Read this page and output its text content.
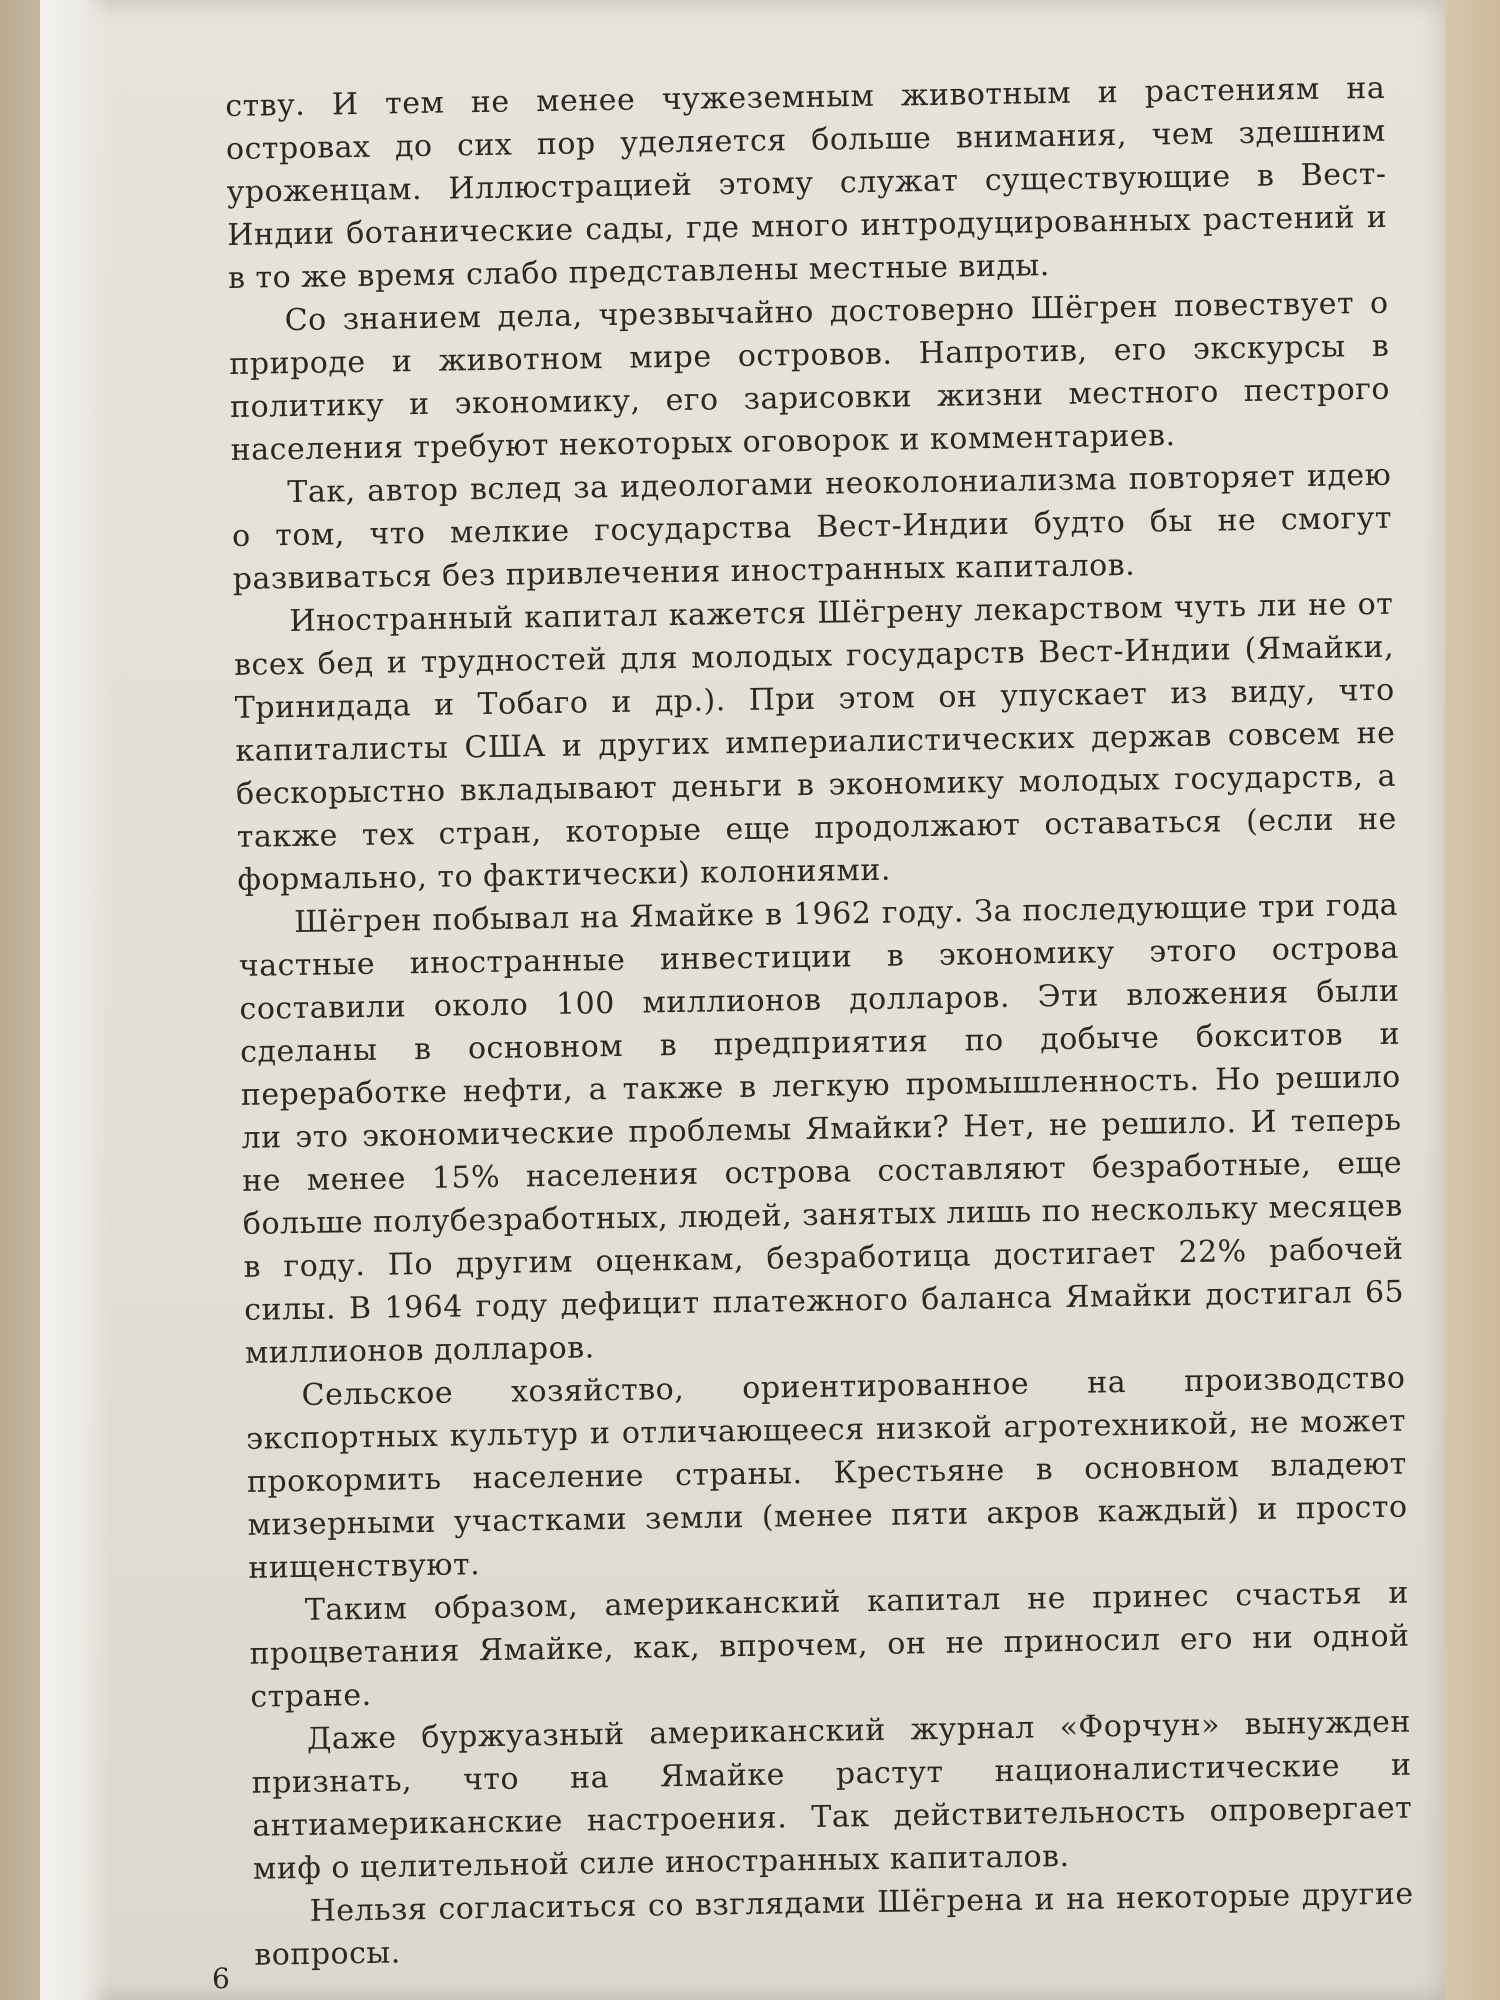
ству. И тем не менее чужеземным животным и растениям на островах до сих пор уделяется больше внимания, чем здешним уроженцам. Иллюстрацией этому служат существующие в Вест-Индии ботанические сады, где много интродуцированных растений и в то же время слабо представлены местные виды.

Со знанием дела, чрезвычайно достоверно Шёгрен повествует о природе и животном мире островов. Напротив, его экскурсы в политику и экономику, его зарисовки жизни местного пестрого населения требуют некоторых оговорок и комментариев.

Так, автор вслед за идеологами неоколониализма повторяет идею о том, что мелкие государства Вест-Индии будто бы не смогут развиваться без привлечения иностранных капиталов.

Иностранный капитал кажется Шёгрену лекарством чуть ли не от всех бед и трудностей для молодых государств Вест-Индии (Ямайки, Тринидада и Тобаго и др.). При этом он упускает из виду, что капиталисты США и других империалистических держав совсем не бескорыстно вкладывают деньги в экономику молодых государств, а также тех стран, которые еще продолжают оставаться (если не формально, то фактически) колониями.

Шёгрен побывал на Ямайке в 1962 году. За последующие три года частные иностранные инвестиции в экономику этого острова составили около 100 миллионов долларов. Эти вложения были сделаны в основном в предприятия по добыче бокситов и переработке нефти, а также в легкую промышленность. Но решило ли это экономические проблемы Ямайки? Нет, не решило. И теперь не менее 15% населения острова составляют безработные, еще больше полубезработных, людей, занятых лишь по нескольку месяцев в году. По другим оценкам, безработица достигает 22% рабочей силы. В 1964 году дефицит платежного баланса Ямайки достигал 65 миллионов долларов.

Сельское хозяйство, ориентированное на производство экспортных культур и отличающееся низкой агротехникой, не может прокормить население страны. Крестьяне в основном владеют мизерными участками земли (менее пяти акров каждый) и просто нищенствуют.

Таким образом, американский капитал не принес счастья и процветания Ямайке, как, впрочем, он не приносил его ни одной стране.

Даже буржуазный американский журнал «Форчун» вынужден признать, что на Ямайке растут националистические и антиамериканские настроения. Так действительность опровергает миф о целительной силе иностранных капиталов.

Нельзя согласиться со взглядами Шёгрена и на некоторые другие вопросы.

6
